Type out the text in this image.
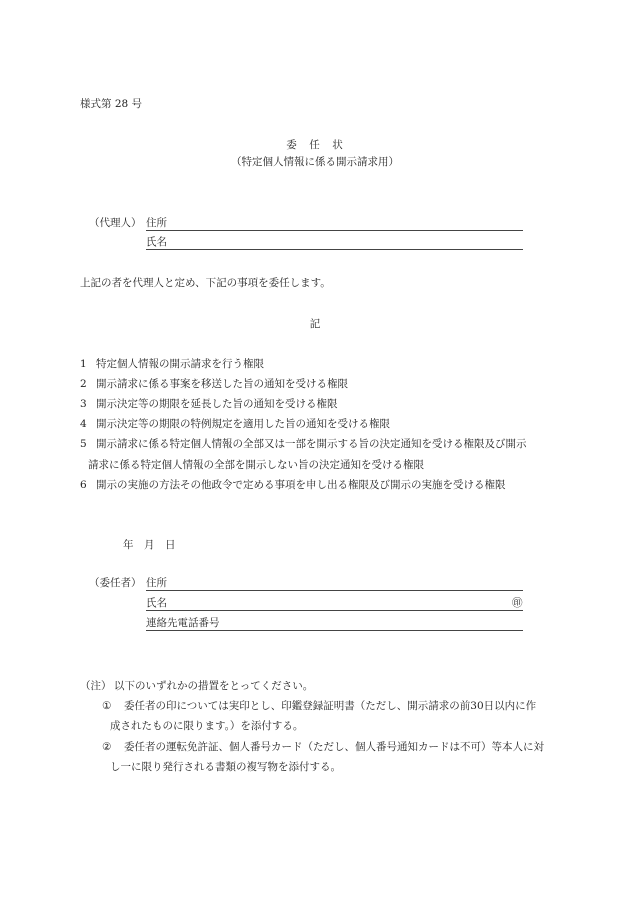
様式第 28 号
委　任　状
（特定個人情報に係る開示請求用）
（代理人） 住所
氏名
上記の者を代理人と定め、下記の事項を委任します。
記
1 特定個人情報の開示請求を行う権限
2 開示請求に係る事案を移送した旨の通知を受ける権限
3 開示決定等の期限を延長した旨の通知を受ける権限
4 開示決定等の期限の特例規定を適用した旨の通知を受ける権限
5 開示請求に係る特定個人情報の全部又は一部を開示する旨の決定通知を受ける権限及び開示
請求に係る特定個人情報の全部を開示しない旨の決定通知を受ける権限
6 開示の実施の方法その他政令で定める事項を申し出る権限及び開示の実施を受ける権限
年　月　日
（委任者） 住所
氏名	㊞
連絡先電話番号
（注） 以下のいずれかの措置をとってください。
① 委任者の印については実印とし、印鑑登録証明書（ただし、開示請求の前30日以内に作
成されたものに限ります。）を添付する。
② 委任者の運転免許証、個人番号カード（ただし、個人番号通知カードは不可）等本人に対
し一に限り発行される書類の複写物を添付する。
